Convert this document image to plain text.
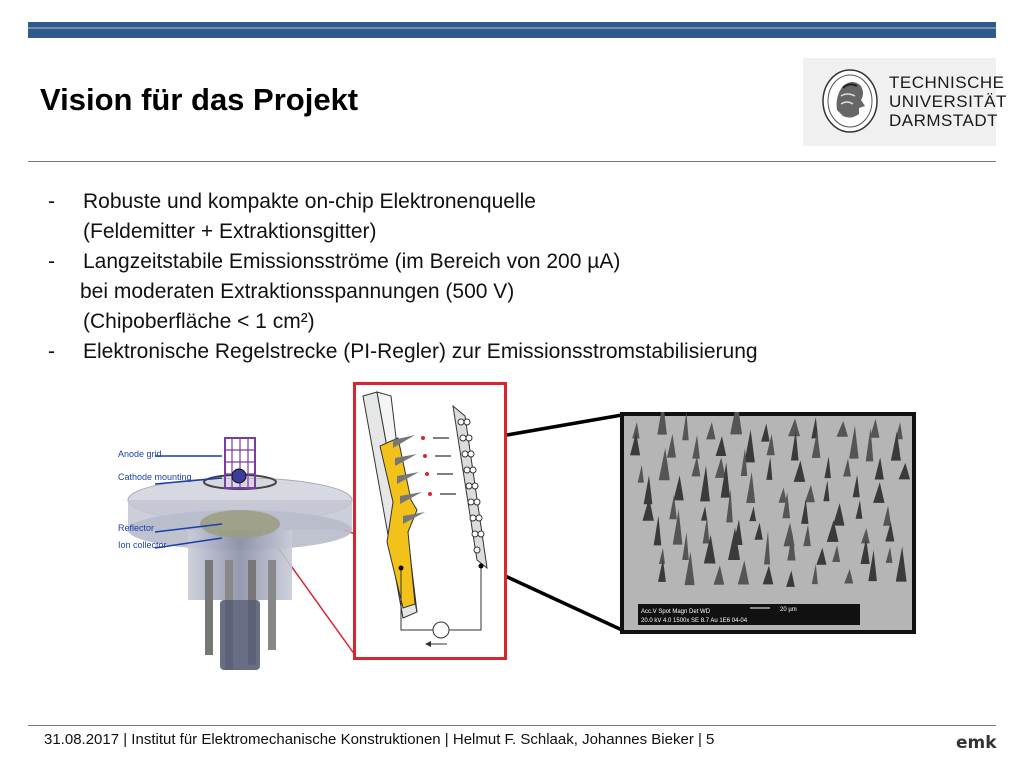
Vision für das Projekt	TECHNISCHE
UNIVERSITÄT
DARMSTADT
- Robuste und kompakte on-chip Elektronenquelle
(Feldemitter + Extraktionsgitter)
- Langzeitstabile Emissionsströme (im Bereich von 200 µA)
bei moderaten Extraktionsspannungen (500 V)
(Chipoberfläche < 1 cm²)
- Elektronische Regelstrecke (PI-Regler) zur Emissionsstromstabilisierung
Anode grid
Cathode mounting
Reflector
Ion collector
Acc.V Spot Magn Det WD
20.0 kV 4.0 1500x SE 8.7 Au 1E6 04-04
20 µm
31.08.2017 | Institut für Elektromechanische Konstruktionen | Helmut F. Schlaak, Johannes Bieker | 5	emk
